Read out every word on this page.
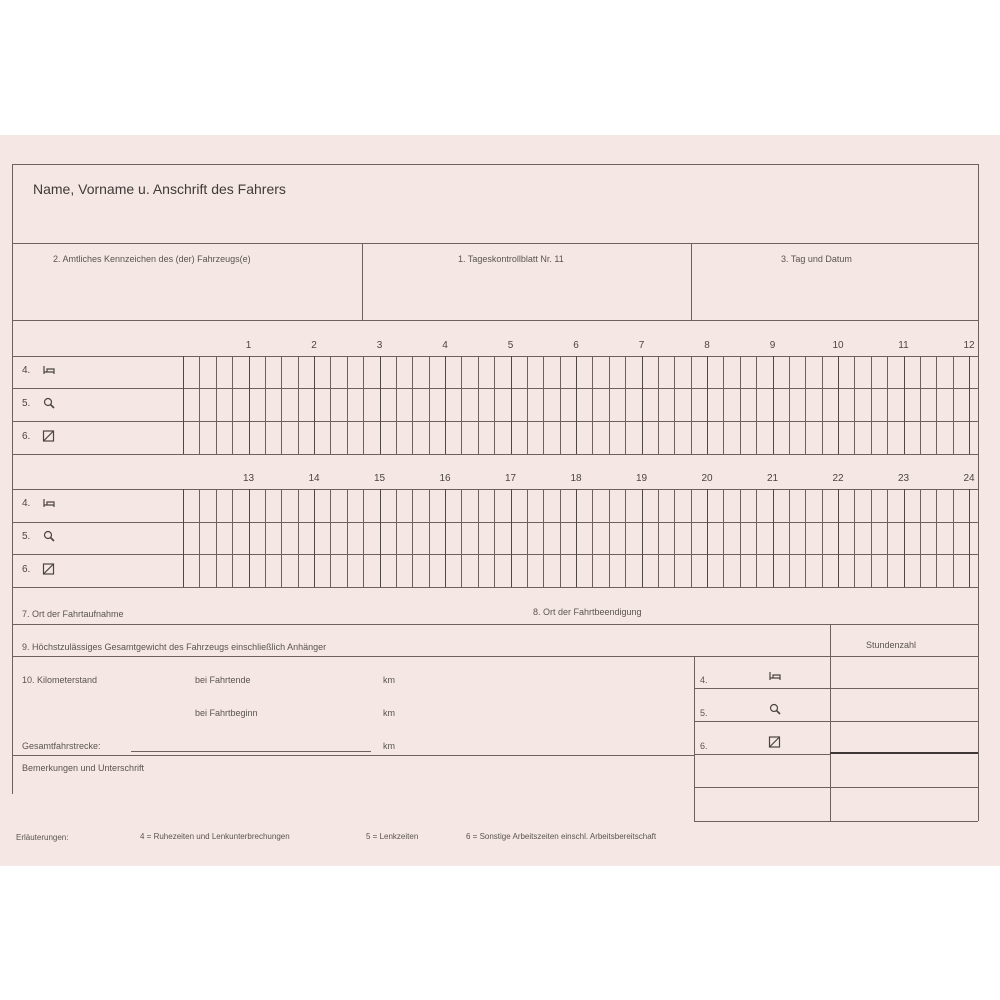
Name, Vorname u. Anschrift des Fahrers
2. Amtliches Kennzeichen des (der) Fahrzeugs(e)	1. Tageskontrollblatt Nr. 11	3. Tag und Datum
1	2	3	4	5	6	7	8	9	10	11	12
4.
5.
6.
13	14	15	16	17	18	19	20	21	22	23	24
4.
5.
6.
7. Ort der Fahrtaufnahme	8. Ort der Fahrtbeendigung
9. Höchstzulässiges Gesamtgewicht des Fahrzeugs einschließlich Anhänger	Stundenzahl
10. Kilometerstand	bei Fahrtende	km
bei Fahrtbeginn	km
Gesamtfahrstrecke:	km
Bemerkungen und Unterschrift
4.
5.
6.
Erläuterungen:	4 = Ruhezeiten und Lenkunterbrechungen	5 = Lenkzeiten	6 = Sonstige Arbeitszeiten einschl. Arbeitsbereitschaft
